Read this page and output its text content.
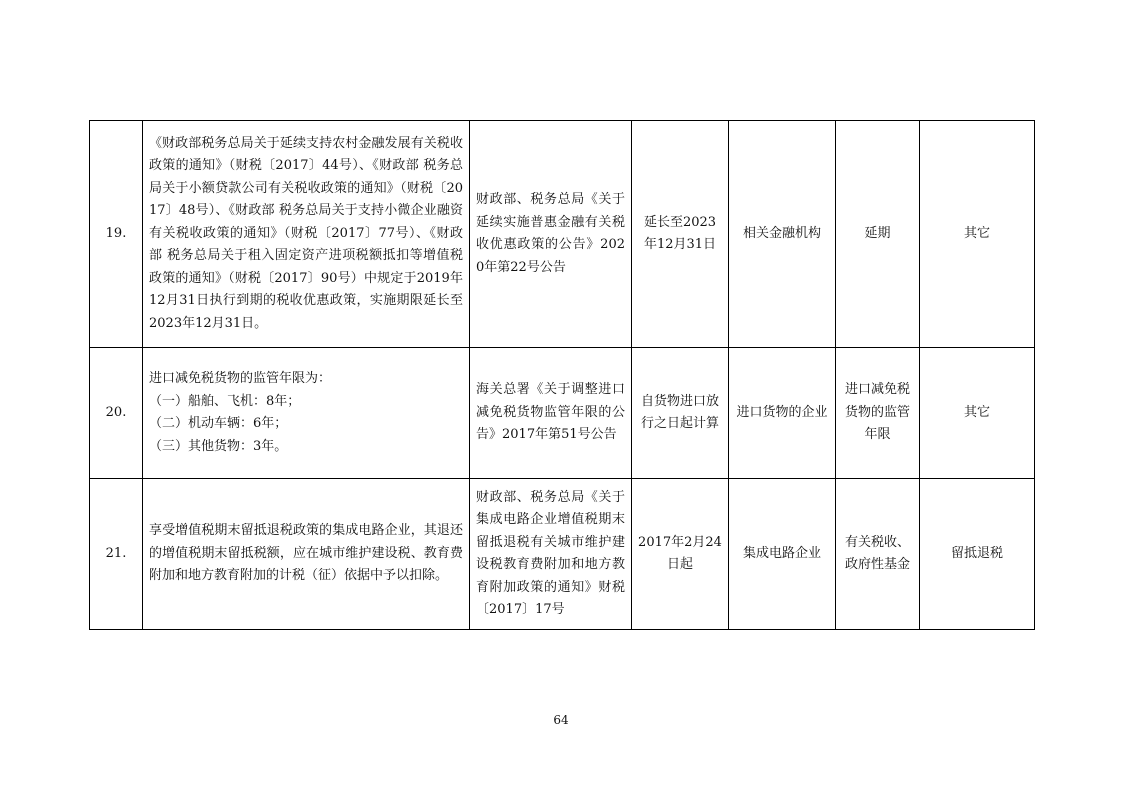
19.	《财政部税务总局关于延续支持农村金融发展有关税收政策的通知》（财税〔2017〕44号）、《财政部 税务总局关于小额贷款公司有关税收政策的通知》（财税〔2017〕48号）、《财政部 税务总局关于支持小微企业融资有关税收政策的通知》（财税〔2017〕77号）、《财政部 税务总局关于租入固定资产进项税额抵扣等增值税政策的通知》（财税〔2017〕90号）中规定于2019年12月31日执行到期的税收优惠政策，实施期限延长至2023年12月31日。	财政部、税务总局《关于延续实施普惠金融有关税收优惠政策的公告》2020年第22号公告	延长至2023年12月31日	相关金融机构	延期	其它
20.	进口减免税货物的监管年限为：
（一）船舶、飞机：8年；
（二）机动车辆：6年；
（三）其他货物：3年。	海关总署《关于调整进口减免税货物监管年限的公告》2017年第51号公告	自货物进口放行之日起计算	进口货物的企业	进口减免税货物的监管年限	其它
21.	享受增值税期末留抵退税政策的集成电路企业，其退还的增值税期末留抵税额，应在城市维护建设税、教育费附加和地方教育附加的计税（征）依据中予以扣除。	财政部、税务总局《关于集成电路企业增值税期末留抵退税有关城市维护建设税教育费附加和地方教育附加政策的通知》财税〔2017〕17号	2017年2月24日起	集成电路企业	有关税收、政府性基金	留抵退税
64
